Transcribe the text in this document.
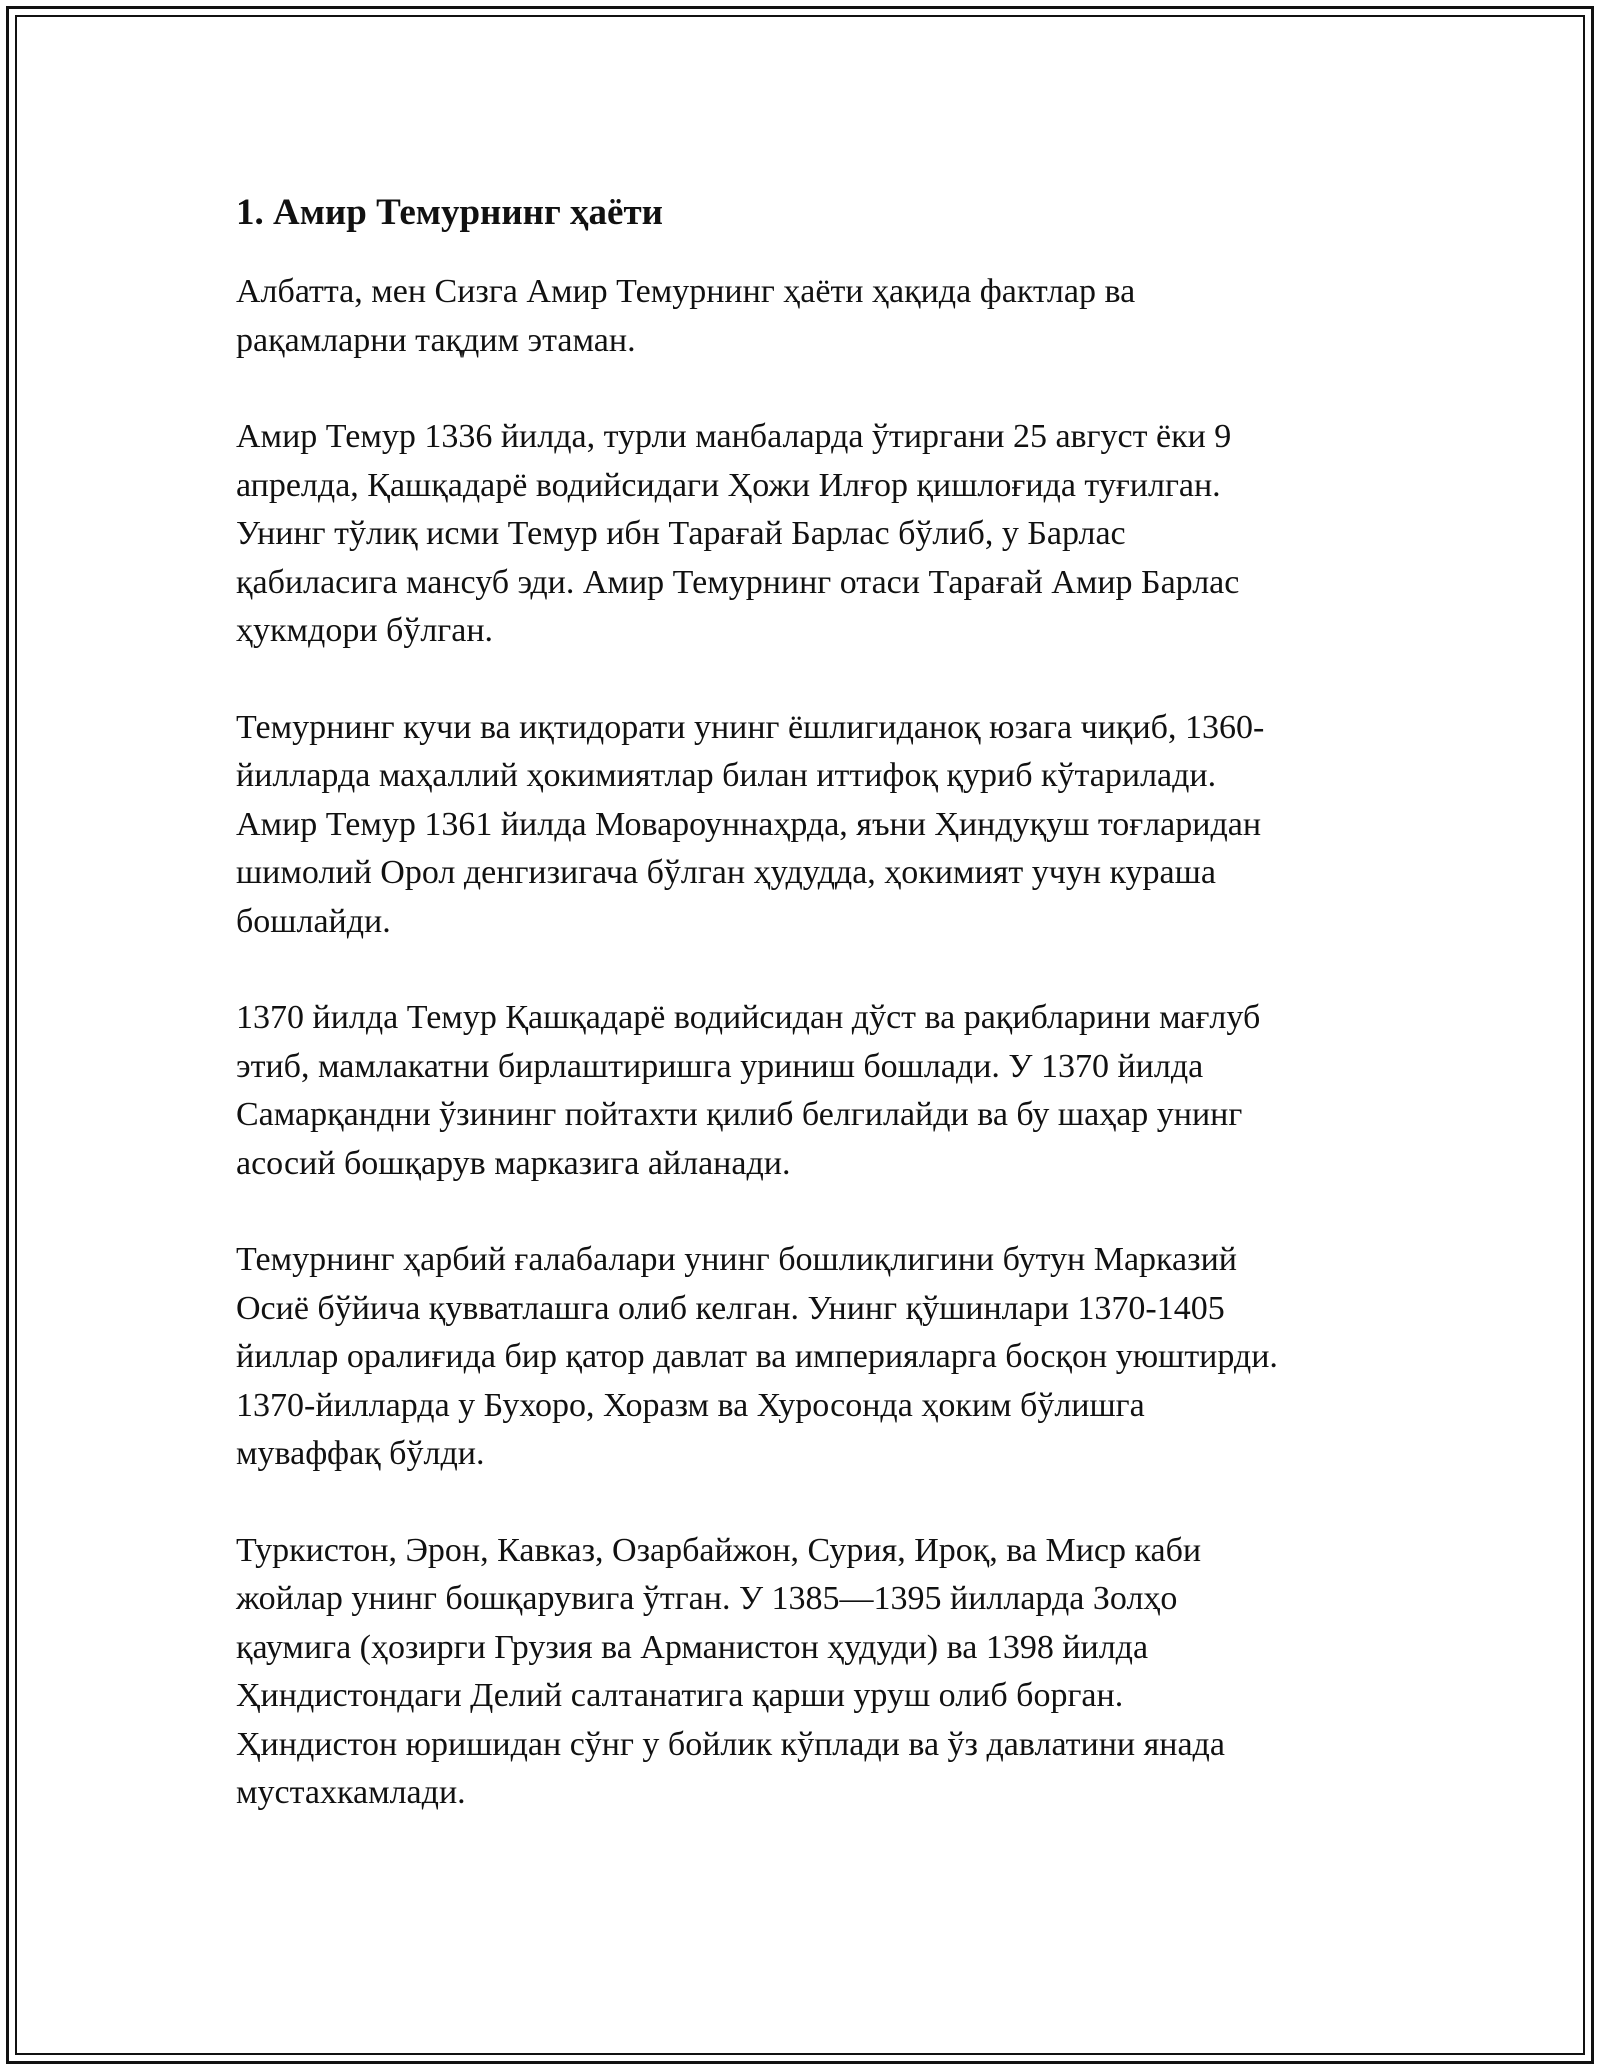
1. Амир Темурнинг ҳаёти

Албатта, мен Сизга Амир Темурнинг ҳаёти ҳақида фактлар ва
рақамларни тақдим этаман.

Амир Темур 1336 йилда, турли манбаларда ўтиргани 25 август ёки 9
апрелда, Қашқадарё водийсидаги Ҳожи Илғор қишлоғида туғилган.
Унинг тўлиқ исми Темур ибн Тарағай Барлас бўлиб, у Барлас
қабиласига мансуб эди. Амир Темурнинг отаси Тарағай Амир Барлас
ҳукмдори бўлган.

Темурнинг кучи ва иқтидорати унинг ёшлигиданоқ юзага чиқиб, 1360-
йилларда маҳаллий ҳокимиятлар билан иттифоқ қуриб кўтарилади.
Амир Темур 1361 йилда Мовароуннаҳрда, яъни Ҳиндуқуш тоғларидан
шимолий Орол денгизигача бўлган ҳудудда, ҳокимият учун кураша
бошлайди.

1370 йилда Темур Қашқадарё водийсидан дўст ва рақибларини мағлуб
этиб, мамлакатни бирлаштиришга уриниш бошлади. У 1370 йилда
Самарқандни ўзининг пойтахти қилиб белгилайди ва бу шаҳар унинг
асосий бошқарув марказига айланади.

Темурнинг ҳарбий ғалабалари унинг бошлиқлигини бутун Марказий
Осиё бўйича қувватлашга олиб келган. Унинг қўшинлари 1370-1405
йиллар оралиғида бир қатор давлат ва империяларга босқон уюштирди.
1370-йилларда у Бухоро, Хоразм ва Хуросонда ҳоким бўлишга
муваффақ бўлди.

Туркистон, Эрон, Кавказ, Озарбайжон, Сурия, Ироқ, ва Миср каби
жойлар унинг бошқарувига ўтган. У 1385—1395 йилларда Золҳо
қаумига (ҳозирги Грузия ва Арманистон ҳудуди) ва 1398 йилда
Ҳиндистондаги Делий салтанатига қарши уруш олиб борган.
Ҳиндистон юришидан сўнг у бойлик кўплади ва ўз давлатини янада
мустахкамлади.
